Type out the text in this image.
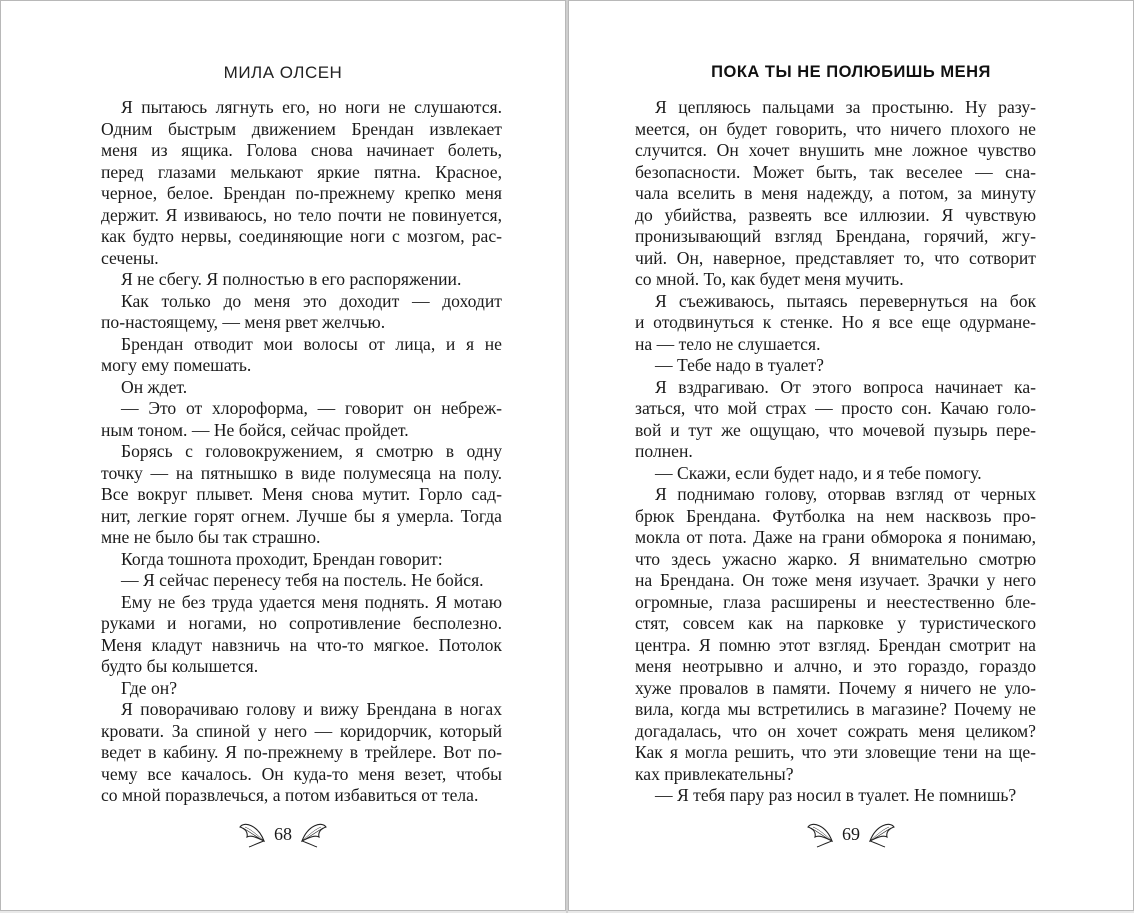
МИЛА ОЛСЕН
Я пытаюсь лягнуть его, но ноги не слушаются.
Одним быстрым движением Брендан извлекает
меня из ящика. Голова снова начинает болеть,
перед глазами мелькают яркие пятна. Красное,
черное, белое. Брендан по-прежнему крепко меня
держит. Я извиваюсь, но тело почти не повинуется,
как будто нервы, соединяющие ноги с мозгом, рас-
сечены.
Я не сбегу. Я полностью в его распоряжении.
Как только до меня это доходит — доходит
по-настоящему, — меня рвет желчью.
Брендан отводит мои волосы от лица, и я не
могу ему помешать.
Он ждет.
— Это от хлороформа, — говорит он небреж-
ным тоном. — Не бойся, сейчас пройдет.
Борясь с головокружением, я смотрю в одну
точку — на пятнышко в виде полумесяца на полу.
Все вокруг плывет. Меня снова мутит. Горло сад-
нит, легкие горят огнем. Лучше бы я умерла. Тогда
мне не было бы так страшно.
Когда тошнота проходит, Брендан говорит:
— Я сейчас перенесу тебя на постель. Не бойся.
Ему не без труда удается меня поднять. Я мотаю
руками и ногами, но сопротивление бесполезно.
Меня кладут навзничь на что-то мягкое. Потолок
будто бы колышется.
Где он?
Я поворачиваю голову и вижу Брендана в ногах
кровати. За спиной у него — коридорчик, который
ведет в кабину. Я по-прежнему в трейлере. Вот по-
чему все качалось. Он куда-то меня везет, чтобы
со мной поразвлечься, а потом избавиться от тела.
68
ПОКА ТЫ НЕ ПОЛЮБИШЬ МЕНЯ
Я цепляюсь пальцами за простыню. Ну разу-
меется, он будет говорить, что ничего плохого не
случится. Он хочет внушить мне ложное чувство
безопасности. Может быть, так веселее — сна-
чала вселить в меня надежду, а потом, за минуту
до убийства, развеять все иллюзии. Я чувствую
пронизывающий взгляд Брендана, горячий, жгу-
чий. Он, наверное, представляет то, что сотворит
со мной. То, как будет меня мучить.
Я съеживаюсь, пытаясь перевернуться на бок
и отодвинуться к стенке. Но я все еще одурмане-
на — тело не слушается.
— Тебе надо в туалет?
Я вздрагиваю. От этого вопроса начинает ка-
заться, что мой страх — просто сон. Качаю голо-
вой и тут же ощущаю, что мочевой пузырь пере-
полнен.
— Скажи, если будет надо, и я тебе помогу.
Я поднимаю голову, оторвав взгляд от черных
брюк Брендана. Футболка на нем насквозь про-
мокла от пота. Даже на грани обморока я понимаю,
что здесь ужасно жарко. Я внимательно смотрю
на Брендана. Он тоже меня изучает. Зрачки у него
огромные, глаза расширены и неестественно бле-
стят, совсем как на парковке у туристического
центра. Я помню этот взгляд. Брендан смотрит на
меня неотрывно и алчно, и это гораздо, гораздо
хуже провалов в памяти. Почему я ничего не уло-
вила, когда мы встретились в магазине? Почему не
догадалась, что он хочет сожрать меня целиком?
Как я могла решить, что эти зловещие тени на ще-
ках привлекательны?
— Я тебя пару раз носил в туалет. Не помнишь?
69
